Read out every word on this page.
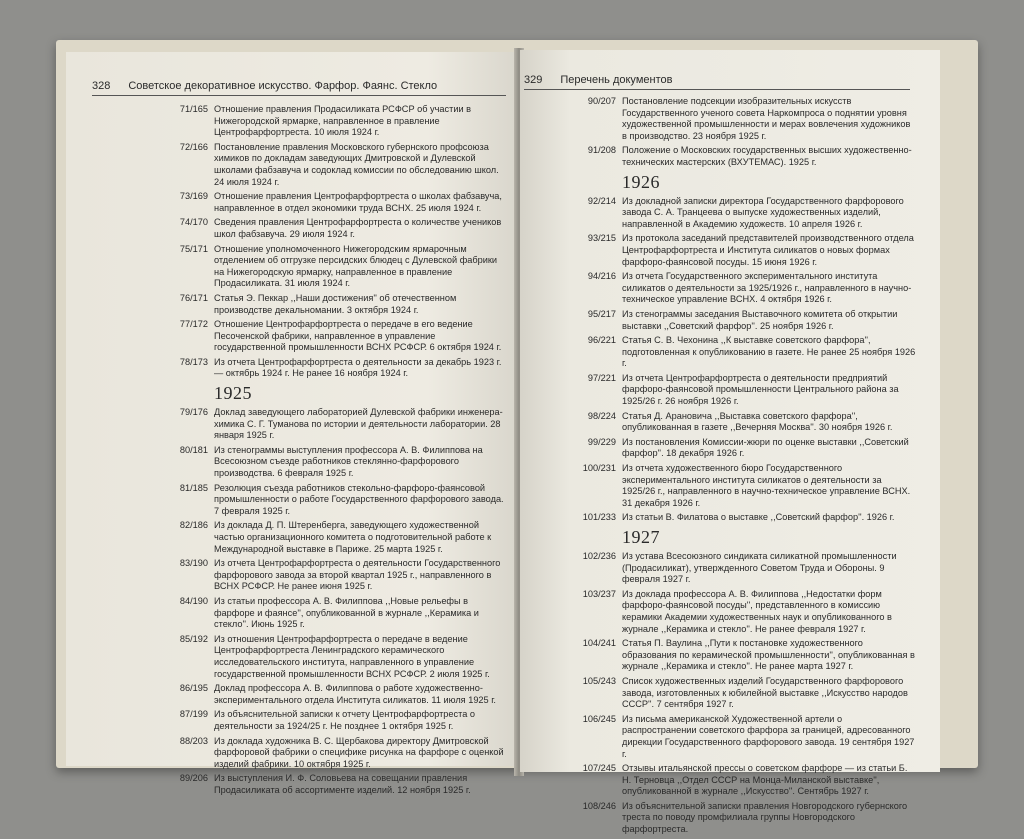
328 Советское декоративное искусство. Фарфор. Фаянс. Стекло
71/165 Отношение правления Продасиликата РСФСР об участии в Нижегородской ярмарке, направленное в правление Центрофарфортреста. 10 июля 1924 г.
72/166 Постановление правления Московского губернского профсоюза химиков по докладам заведующих Дмитровской и Дулевской школами фабзавуча и содоклад комиссии по обследованию школ. 24 июля 1924 г.
73/169 Отношение правления Центрофарфортреста о школах фабзавуча, направленное в отдел экономики труда ВСНХ. 25 июля 1924 г.
74/170 Сведения правления Центрофарфортреста о количестве учеников школ фабзавуча. 29 июля 1924 г.
75/171 Отношение уполномоченного Нижегородским ярмарочным отделением об отгрузке персидских блюдец с Дулевской фабрики на Нижегородскую ярмарку, направленное в правление Продасиликата. 31 июля 1924 г.
76/171 Статья Э. Пеккар ,,Наши достижения'' об отечественном производстве декальномании. 3 октября 1924 г.
77/172 Отношение Центрофарфортреста о передаче в его ведение Песоченской фабрики, направленное в управление государственной промышленности ВСНХ РСФСР. 6 октября 1924 г.
78/173 Из отчета Центрофарфортреста о деятельности за декабрь 1923 г.— октябрь 1924 г. Не ранее 16 ноября 1924 г.
1925
79/176 Доклад заведующего лабораторией Дулевской фабрики инженера-химика С. Г. Туманова по истории и деятельности лаборатории. 28 января 1925 г.
80/181 Из стенограммы выступления профессора А. В. Филиппова на Всесоюзном съезде работников стеклянно-фарфорового производства. 6 февраля 1925 г.
81/185 Резолюция съезда работников стекольно-фарфоро-фаянсовой промышленности о работе Государственного фарфорового завода. 7 февраля 1925 г.
82/186 Из доклада Д. П. Штеренберга, заведующего художественной частью организационного комитета о подготовительной работе к Международной выставке в Париже. 25 марта 1925 г.
83/190 Из отчета Центрофарфортреста о деятельности Государственного фарфорового завода за второй квартал 1925 г., направленного в ВСНХ РСФСР. Не ранее июня 1925 г.
84/190 Из статьи профессора А. В. Филиппова ,,Новые рельефы в фарфоре и фаянсе'', опубликованной в журнале ,,Керамика и стекло''. Июнь 1925 г.
85/192 Из отношения Центрофарфортреста о передаче в ведение Центрофарфортреста Ленинградского керамического исследовательского института, направленного в управление государственной промышленности ВСНХ РСФСР. 2 июля 1925 г.
86/195 Доклад профессора А. В. Филиппова о работе художественно-экспериментального отдела Института силикатов. 11 июля 1925 г.
87/199 Из объяснительной записки к отчету Центрофарфортреста о деятельности за 1924/25 г. Не позднее 1 октября 1925 г.
88/203 Из доклада художника В. С. Щербакова директору Дмитровской фарфоровой фабрики о специфике рисунка на фарфоре с оценкой изделий фабрики. 10 октября 1925 г.
89/206 Из выступления И. Ф. Соловьева на совещании правления Продасиликата об ассортименте изделий. 12 ноября 1925 г.
329 Перечень документов
90/207 Постановление подсекции изобразительных искусств Государственного ученого совета Наркомпроса о поднятии уровня художественной промышленности и мерах вовлечения художников в производство. 23 ноября 1925 г.
91/208 Положение о Московских государственных высших художественно-технических мастерских (ВХУТЕМАС). 1925 г.
1926
92/214 Из докладной записки директора Государственного фарфорового завода С. А. Транцеева о выпуске художественных изделий, направленной в Академию художеств. 10 апреля 1926 г.
93/215 Из протокола заседаний представителей производственного отдела Центрофарфортреста и Института силикатов о новых формах фарфоро-фаянсовой посуды. 15 июня 1926 г.
94/216 Из отчета Государственного экспериментального института силикатов о деятельности за 1925/1926 г., направленного в научно-техническое управление ВСНХ. 4 октября 1926 г.
95/217 Из стенограммы заседания Выставочного комитета об открытии выставки ,,Советский фарфор''. 25 ноября 1926 г.
96/221 Статья С. В. Чехонина ,,К выставке советского фарфора'', подготовленная к опубликованию в газете. Не ранее 25 ноября 1926 г.
97/221 Из отчета Центрофарфортреста о деятельности предприятий фарфоро-фаянсовой промышленности Центрального района за 1925/26 г. 26 ноября 1926 г.
98/224 Статья Д. Арановича ,,Выставка советского фарфора'', опубликованная в газете ,,Вечерняя Москва''. 30 ноября 1926 г.
99/229 Из постановления Комиссии-жюри по оценке выставки ,,Советский фарфор''. 18 декабря 1926 г.
100/231 Из отчета художественного бюро Государственного экспериментального института силикатов о деятельности за 1925/26 г., направленного в научно-техническое управление ВСНХ. 31 декабря 1926 г.
101/233 Из статьи В. Филатова о выставке ,,Советский фарфор''. 1926 г.
1927
102/236 Из устава Всесоюзного синдиката силикатной промышленности (Продасиликат), утвержденного Советом Труда и Обороны. 9 февраля 1927 г.
103/237 Из доклада профессора А. В. Филиппова ,,Недостатки форм фарфоро-фаянсовой посуды'', представленного в комиссию керамики Академии художественных наук и опубликованного в журнале ,,Керамика и стекло''. Не ранее февраля 1927 г.
104/241 Статья П. Ваулина ,,Пути к постановке художественного образования по керамической промышленности'', опубликованная в журнале ,,Керамика и стекло''. Не ранее марта 1927 г.
105/243 Список художественных изделий Государственного фарфорового завода, изготовленных к юбилейной выставке ,,Искусство народов СССР''. 7 сентября 1927 г.
106/245 Из письма американской Художественной артели о распространении советского фарфора за границей, адресованного дирекции Государственного фарфорового завода. 19 сентября 1927 г.
107/245 Отзывы итальянской прессы о советском фарфоре — из статьи Б. Н. Терновца ,,Отдел СССР на Монца-Миланской выставке'', опубликованной в журнале ,,Искусство''. Сентябрь 1927 г.
108/246 Из объяснительной записки правления Новгородского губернского треста по поводу промфилиала группы Новгородского фарфортреста.
